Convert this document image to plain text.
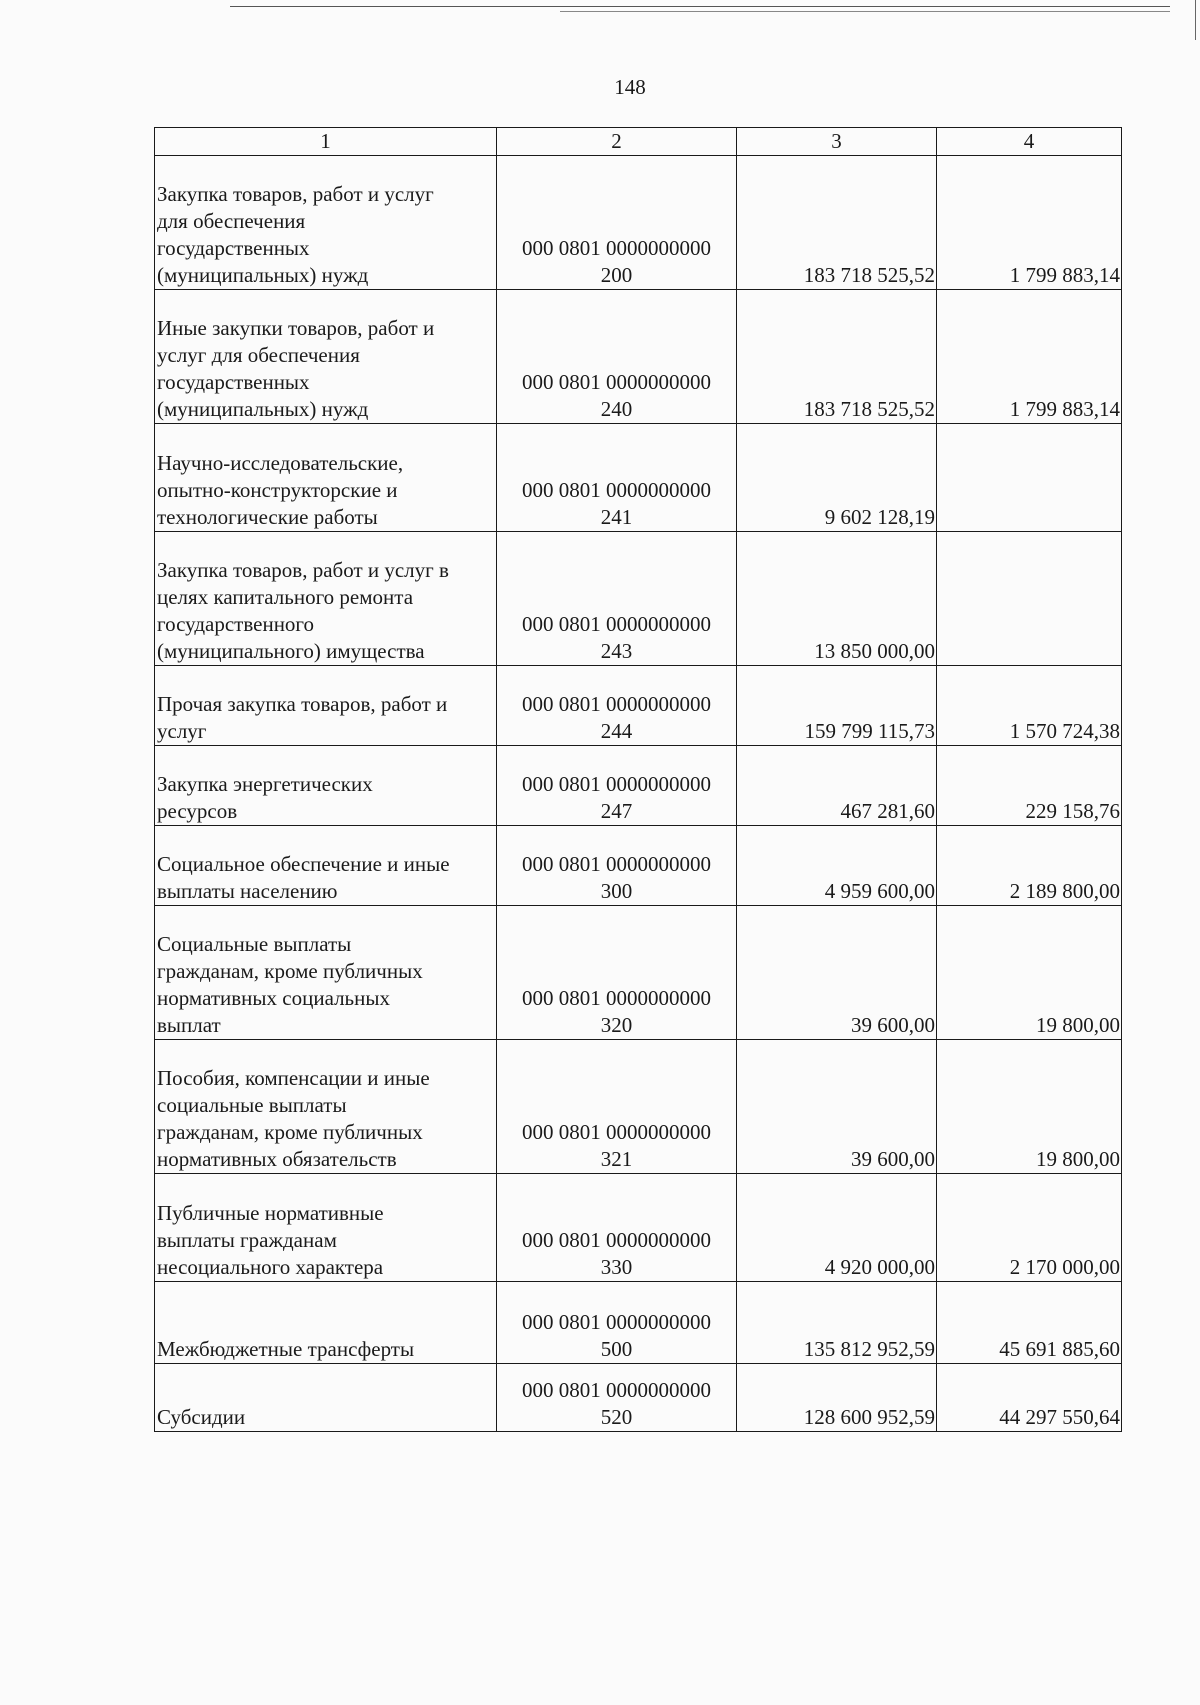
148
1	2	3	4

Закупка товаров, работ и услуг
для обеспечения
государственных
(муниципальных) нужд	000 0801 0000000000
200	183 718 525,52	1 799 883,14

Иные закупки товаров, работ и
услуг для обеспечения
государственных
(муниципальных) нужд	000 0801 0000000000
240	183 718 525,52	1 799 883,14

Научно-исследовательские,
опытно-конструкторские и
технологические работы	000 0801 0000000000
241	9 602 128,19	

Закупка товаров, работ и услуг в
целях капитального ремонта
государственного
(муниципального) имущества	000 0801 0000000000
243	13 850 000,00	

Прочая закупка товаров, работ и
услуг	000 0801 0000000000
244	159 799 115,73	1 570 724,38

Закупка энергетических
ресурсов	000 0801 0000000000
247	467 281,60	229 158,76

Социальное обеспечение и иные
выплаты населению	000 0801 0000000000
300	4 959 600,00	2 189 800,00

Социальные выплаты
гражданам, кроме публичных
нормативных социальных
выплат	000 0801 0000000000
320	39 600,00	19 800,00

Пособия, компенсации и иные
социальные выплаты
гражданам, кроме публичных
нормативных обязательств	000 0801 0000000000
321	39 600,00	19 800,00

Публичные нормативные
выплаты гражданам
несоциального характера	000 0801 0000000000
330	4 920 000,00	2 170 000,00

Межбюджетные трансферты	000 0801 0000000000
500	135 812 952,59	45 691 885,60

Субсидии	000 0801 0000000000
520	128 600 952,59	44 297 550,64
